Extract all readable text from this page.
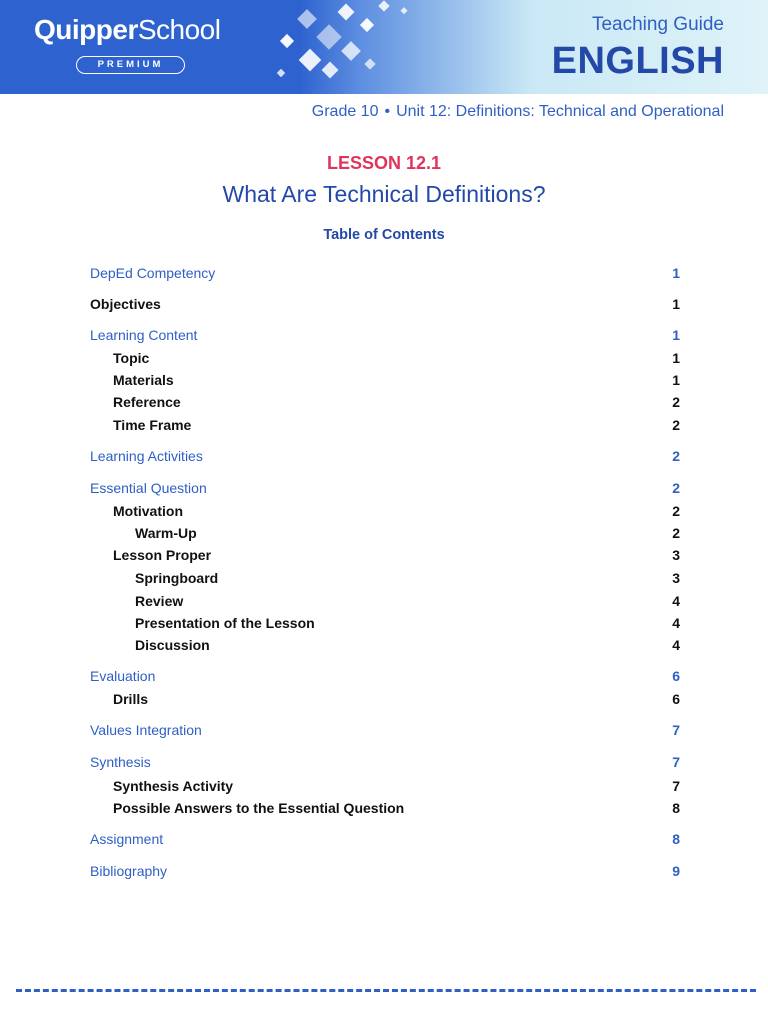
QuipperSchool
PREMIUM
Teaching Guide
ENGLISH
Grade 10 • Unit 12: Definitions: Technical and Operational
LESSON 12.1
What Are Technical Definitions?
Table of Contents
DepEd Competency	1
Objectives	1
Learning Content	1
Topic	1
Materials	1
Reference	2
Time Frame	2
Learning Activities	2
Essential Question	2
Motivation	2
Warm-Up	2
Lesson Proper	3
Springboard	3
Review	4
Presentation of the Lesson	4
Discussion	4
Evaluation	6
Drills	6
Values Integration	7
Synthesis	7
Synthesis Activity	7
Possible Answers to the Essential Question	8
Assignment	8
Bibliography	9
